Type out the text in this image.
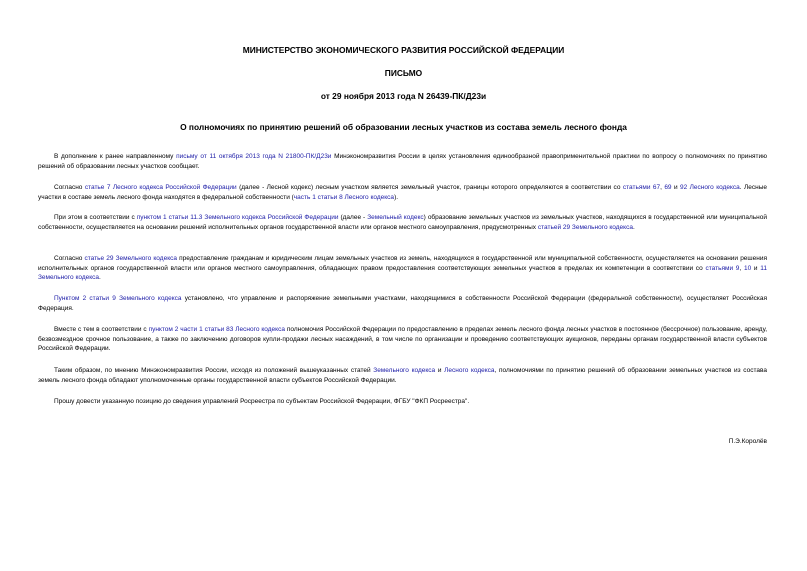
МИНИСТЕРСТВО ЭКОНОМИЧЕСКОГО РАЗВИТИЯ РОССИЙСКОЙ ФЕДЕРАЦИИ
ПИСЬМО
от 29 ноября 2013 года N 26439-ПК/Д23и
О полномочиях по принятию решений об образовании лесных участков из состава земель лесного фонда

В дополнение к ранее направленному письму от 11 октября 2013 года N 21800-ПК/Д23и Минэкономразвития России в целях установления единообразной правоприменительной практики по вопросу о полномочиях по принятию решений об образовании лесных участков сообщает.

Согласно статье 7 Лесного кодекса Российской Федерации (далее - Лесной кодекс) лесным участком является земельный участок, границы которого определяются в соответствии со статьями 67, 69 и 92 Лесного кодекса. Лесные участки в составе земель лесного фонда находятся в федеральной собственности (часть 1 статьи 8 Лесного кодекса).

При этом в соответствии с пунктом 1 статьи 11.3 Земельного кодекса Российской Федерации (далее - Земельный кодекс) образование земельных участков из земельных участков, находящихся в государственной или муниципальной собственности, осуществляется на основании решений исполнительных органов государственной власти или органов местного самоуправления, предусмотренных статьей 29 Земельного кодекса.

Согласно статье 29 Земельного кодекса предоставление гражданам и юридическим лицам земельных участков из земель, находящихся в государственной или муниципальной собственности, осуществляется на основании решения исполнительных органов государственной власти или органов местного самоуправления, обладающих правом предоставления соответствующих земельных участков в пределах их компетенции в соответствии со статьями 9, 10 и 11 Земельного кодекса.

Пунктом 2 статьи 9 Земельного кодекса установлено, что управление и распоряжение земельными участками, находящимися в собственности Российской Федерации (федеральной собственности), осуществляет Российская Федерация.

Вместе с тем в соответствии с пунктом 2 части 1 статьи 83 Лесного кодекса полномочия Российской Федерации по предоставлению в пределах земель лесного фонда лесных участков в постоянное (бессрочное) пользование, аренду, безвозмездное срочное пользование, а также по заключению договоров купли-продажи лесных насаждений, в том числе по организации и проведению соответствующих аукционов, переданы органам государственной власти субъектов Российской Федерации.

Таким образом, по мнению Минэкономразвития России, исходя из положений вышеуказанных статей Земельного кодекса и Лесного кодекса, полномочиями по принятию решений об образовании земельных участков из состава земель лесного фонда обладают уполномоченные органы государственной власти субъектов Российской Федерации.

Прошу довести указанную позицию до сведения управлений Росреестра по субъектам Российской Федерации, ФГБУ "ФКП Росреестра".

П.Э.Королёв
